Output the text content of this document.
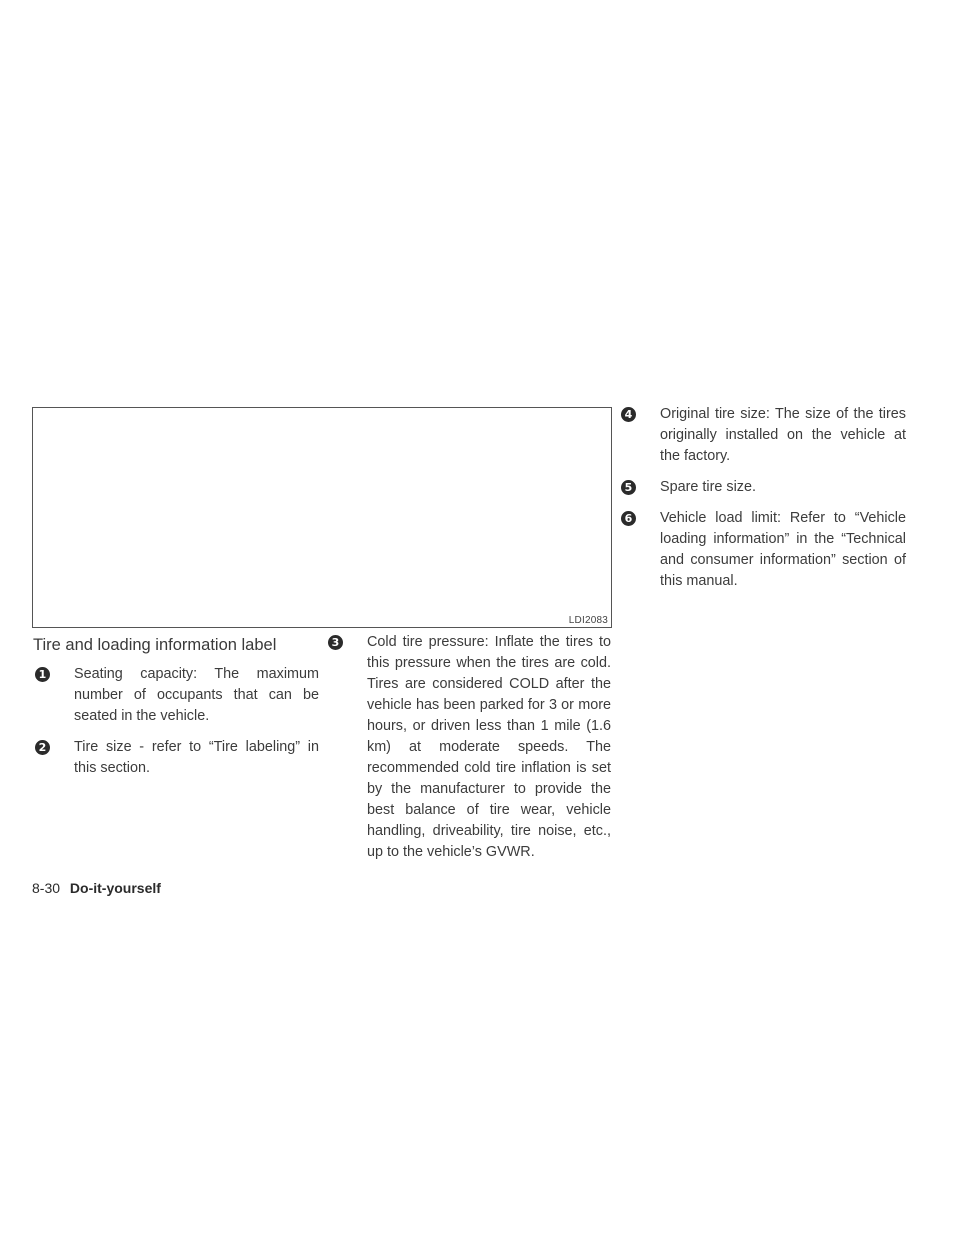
LDI2083
Tire and loading information label
1 Seating capacity: The maximum number of occupants that can be seated in the vehicle.
2 Tire size - refer to “Tire labeling” in this section.
3 Cold tire pressure: Inflate the tires to this pressure when the tires are cold. Tires are considered COLD after the vehicle has been parked for 3 or more hours, or driven less than 1 mile (1.6 km) at moderate speeds. The recommended cold tire inflation is set by the manufacturer to provide the best balance of tire wear, vehicle handling, driveability, tire noise, etc., up to the vehicle’s GVWR.
4 Original tire size: The size of the tires originally installed on the vehicle at the factory.
5 Spare tire size.
6 Vehicle load limit: Refer to “Vehicle loading information” in the “Technical and consumer information” section of this manual.
8-30 Do-it-yourself
